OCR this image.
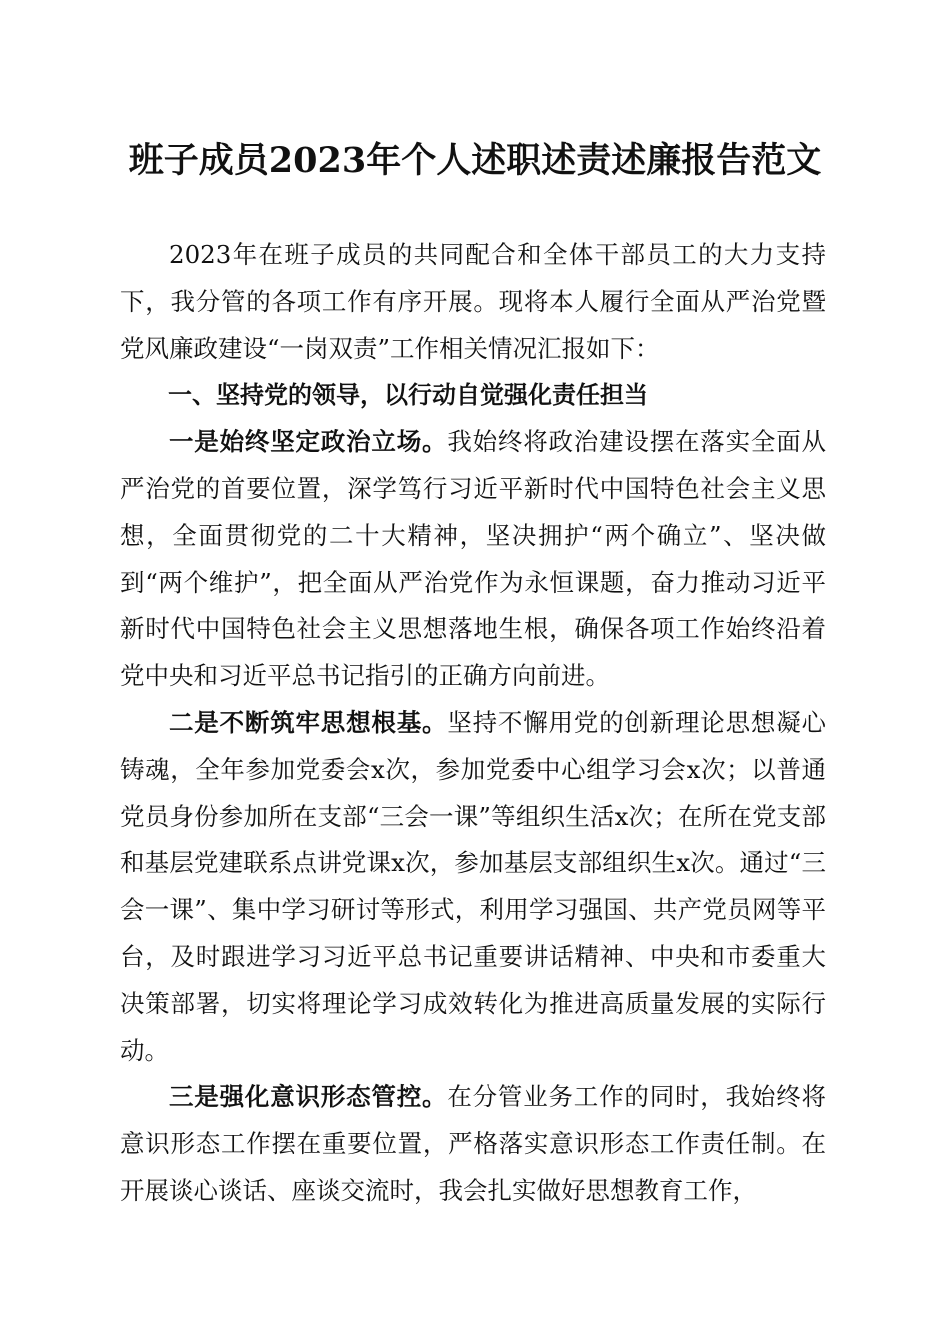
班子成员2023年个人述职述责述廉报告范文

2023年在班子成员的共同配合和全体干部员工的大力支持下，我分管的各项工作有序开展。现将本人履行全面从严治党暨党风廉政建设“一岗双责”工作相关情况汇报如下：

一、坚持党的领导，以行动自觉强化责任担当

一是始终坚定政治立场。我始终将政治建设摆在落实全面从严治党的首要位置，深学笃行习近平新时代中国特色社会主义思想，全面贯彻党的二十大精神，坚决拥护“两个确立”、坚决做到“两个维护”，把全面从严治党作为永恒课题，奋力推动习近平新时代中国特色社会主义思想落地生根，确保各项工作始终沿着党中央和习近平总书记指引的正确方向前进。

二是不断筑牢思想根基。坚持不懈用党的创新理论思想凝心铸魂，全年参加党委会x次，参加党委中心组学习会x次；以普通党员身份参加所在支部“三会一课”等组织生活x次；在所在党支部和基层党建联系点讲党课x次，参加基层支部组织生x次。通过“三会一课”、集中学习研讨等形式，利用学习强国、共产党员网等平台，及时跟进学习习近平总书记重要讲话精神、中央和市委重大决策部署，切实将理论学习成效转化为推进高质量发展的实际行动。

三是强化意识形态管控。在分管业务工作的同时，我始终将意识形态工作摆在重要位置，严格落实意识形态工作责任制。在开展谈心谈话、座谈交流时，我会扎实做好思想教育工作，
